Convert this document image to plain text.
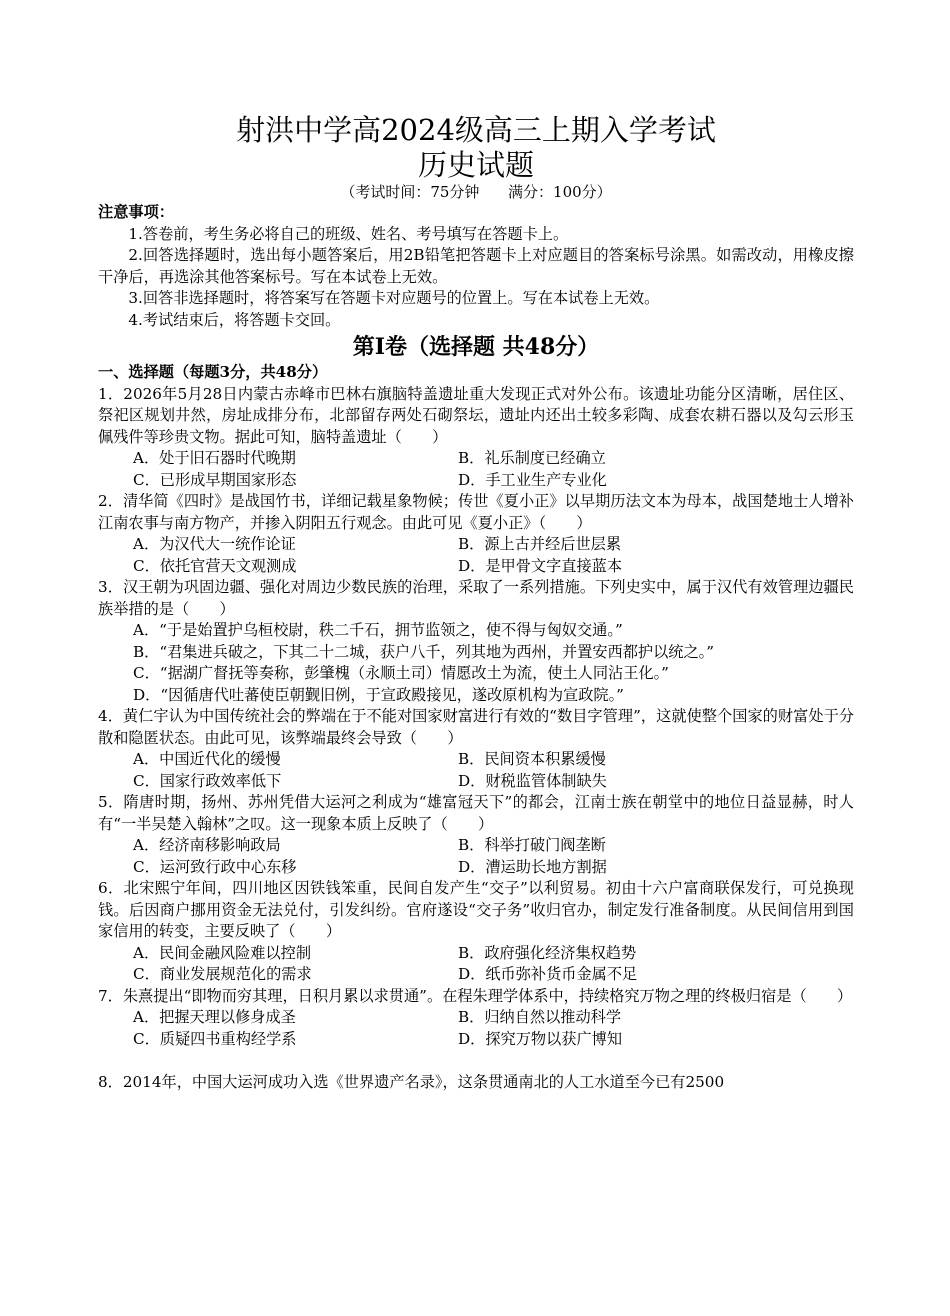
射洪中学高2024级高三上期入学考试
历史试题
（考试时间：75分钟      满分：100分）
注意事项：
1.答卷前，考生务必将自己的班级、姓名、考号填写在答题卡上。
2.回答选择题时，选出每小题答案后，用2B铅笔把答题卡上对应题目的答案标号涂黑。如需改动，用橡皮擦干净后，再选涂其他答案标号。写在本试卷上无效。
3.回答非选择题时，将答案写在答题卡对应题号的位置上。写在本试卷上无效。
4.考试结束后，将答题卡交回。
第I卷（选择题 共48分）
一、选择题（每题3分，共48分）
1．2026年5月28日内蒙古赤峰市巴林右旗脑特盖遗址重大发现正式对外公布。该遗址功能分区清晰，居住区、祭祀区规划井然，房址成排分布，北部留存两处石砌祭坛，遗址内还出土较多彩陶、成套农耕石器以及勾云形玉佩残件等珍贵文物。据此可知，脑特盖遗址（　　）
A．处于旧石器时代晚期	B．礼乐制度已经确立
C．已形成早期国家形态	D．手工业生产专业化
2．清华简《四时》是战国竹书，详细记载星象物候；传世《夏小正》以早期历法文本为母本，战国楚地士人增补江南农事与南方物产，并掺入阴阳五行观念。由此可见《夏小正》（　　）
A．为汉代大一统作论证	B．源上古并经后世层累
C．依托官营天文观测成	D．是甲骨文字直接蓝本
3．汉王朝为巩固边疆、强化对周边少数民族的治理，采取了一系列措施。下列史实中，属于汉代有效管理边疆民族举措的是（　　）
A．“于是始置护乌桓校尉，秩二千石，拥节监领之，使不得与匈奴交通。”
B．“君集进兵破之，下其二十二城，获户八千，列其地为西州，并置安西都护以统之。”
C．“据湖广督抚等奏称，彭肇槐（永顺土司）情愿改土为流，使土人同沾王化。”
D．“因循唐代吐蕃使臣朝觐旧例，于宣政殿接见，遂改原机构为宣政院。”
4．黄仁宇认为中国传统社会的弊端在于不能对国家财富进行有效的“数目字管理”，这就使整个国家的财富处于分散和隐匿状态。由此可见，该弊端最终会导致（　　）
A．中国近代化的缓慢	B．民间资本积累缓慢
C．国家行政效率低下	D．财税监管体制缺失
5．隋唐时期，扬州、苏州凭借大运河之利成为“雄富冠天下”的都会，江南士族在朝堂中的地位日益显赫，时人有“一半吴楚入翰林”之叹。这一现象本质上反映了（　　）
A．经济南移影响政局	B．科举打破门阀垄断
C．运河致行政中心东移	D．漕运助长地方割据
6．北宋熙宁年间，四川地区因铁钱笨重，民间自发产生“交子”以利贸易。初由十六户富商联保发行，可兑换现钱。后因商户挪用资金无法兑付，引发纠纷。官府遂设“交子务”收归官办，制定发行准备制度。从民间信用到国家信用的转变，主要反映了（　　）
A．民间金融风险难以控制	B．政府强化经济集权趋势
C．商业发展规范化的需求	D．纸币弥补货币金属不足
7．朱熹提出“即物而穷其理，日积月累以求贯通”。在程朱理学体系中，持续格究万物之理的终极归宿是（　　）
A．把握天理以修身成圣	B．归纳自然以推动科学
C．质疑四书重构经学系	D．探究万物以获广博知
8．2014年，中国大运河成功入选《世界遗产名录》，这条贯通南北的人工水道至今已有2500
